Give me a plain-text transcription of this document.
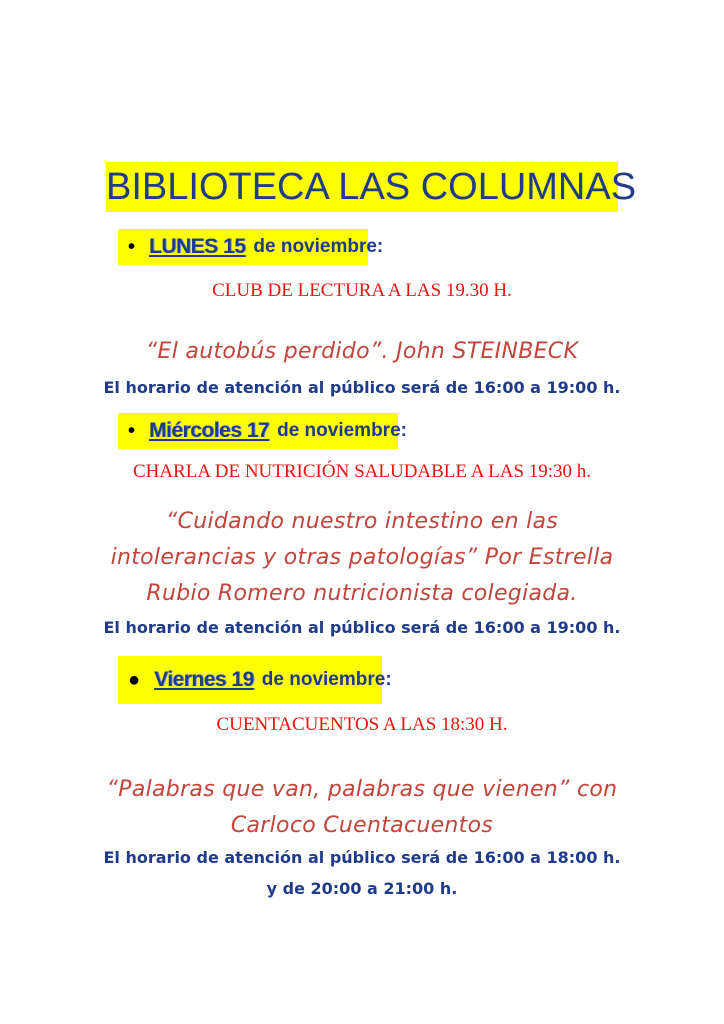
BIBLIOTECA LAS COLUMNAS
• LUNES 15 de noviembre:
CLUB DE LECTURA A LAS 19.30 H.
“El autobús perdido”. John STEINBECK
El horario de atención al público será de 16:00 a 19:00 h.
• Miércoles 17 de noviembre:
CHARLA DE NUTRICIÓN SALUDABLE A LAS 19:30 h.
“Cuidando nuestro intestino en las
intolerancias y otras patologías” Por Estrella
Rubio Romero nutricionista colegiada.
El horario de atención al público será de 16:00 a 19:00 h.
● Viernes 19 de noviembre:
CUENTACUENTOS A LAS 18:30 H.
“Palabras que van, palabras que vienen” con
Carloco Cuentacuentos
El horario de atención al público será de 16:00 a 18:00 h.
y de 20:00 a 21:00 h.
